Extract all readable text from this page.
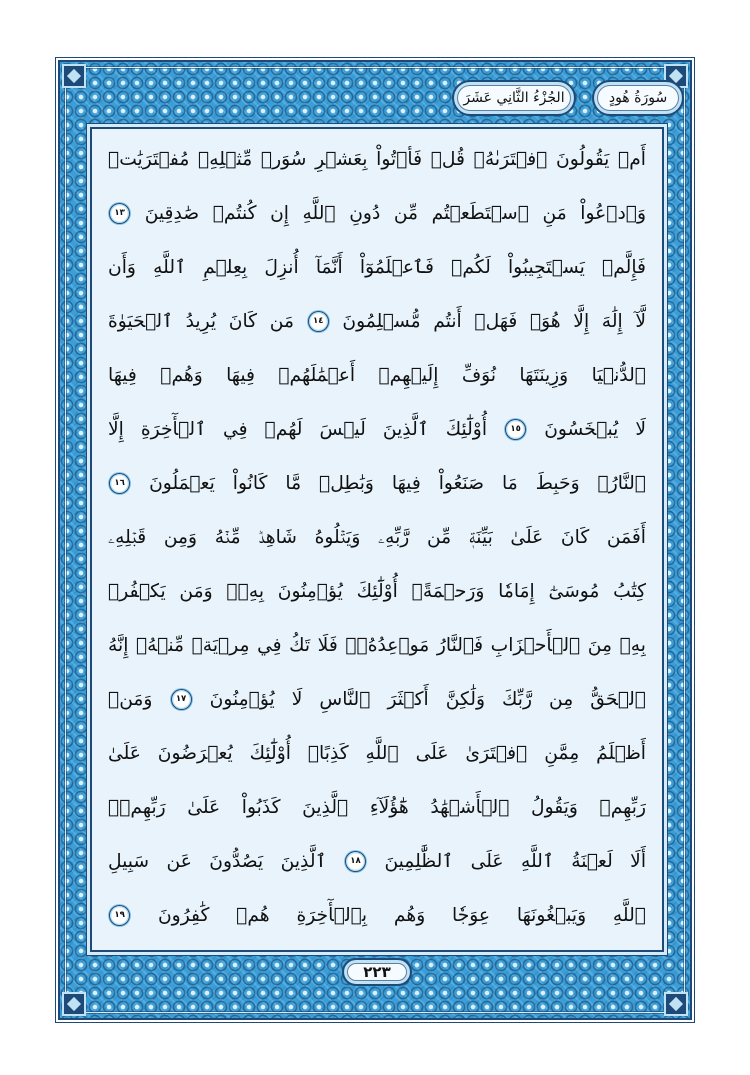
الجُزْءُ الثَّانِي عَشَرَ	سُورَةُ هُودٍ
أَمۡ يَقُولُونَ ٱفۡتَرَىٰهُۖ قُلۡ فَأۡتُواْ بِعَشۡرِ سُوَرٖ مِّثۡلِهِۦ مُفۡتَرَيَٰتٖ
وَٱدۡعُواْ مَنِ ٱسۡتَطَعۡتُم مِّن دُونِ ٱللَّهِ إِن كُنتُمۡ صَٰدِقِينَ
١٣
فَإِلَّمۡ يَسۡتَجِيبُواْ لَكُمۡ فَٱعۡلَمُوٓاْ أَنَّمَآ أُنزِلَ بِعِلۡمِ ٱللَّهِ وَأَن
لَّآ إِلَٰهَ إِلَّا هُوَۖ فَهَلۡ أَنتُم مُّسۡلِمُونَ
١٤
مَن كَانَ يُرِيدُ ٱلۡحَيَوٰةَ
ٱلدُّنۡيَا وَزِينَتَهَا نُوَفِّ إِلَيۡهِمۡ أَعۡمَٰلَهُمۡ فِيهَا وَهُمۡ فِيهَا
لَا يُبۡخَسُونَ
١٥
أُوْلَٰٓئِكَ ٱلَّذِينَ لَيۡسَ لَهُمۡ فِي ٱلۡأٓخِرَةِ إِلَّا
ٱلنَّارُۖ وَحَبِطَ مَا صَنَعُواْ فِيهَا وَبَٰطِلٞ مَّا كَانُواْ يَعۡمَلُونَ
١٦
أَفَمَن كَانَ عَلَىٰ بَيِّنَةٖ مِّن رَّبِّهِۦ وَيَتۡلُوهُ شَاهِدٞ مِّنۡهُ وَمِن قَبۡلِهِۦ
كِتَٰبُ مُوسَىٰٓ إِمَامٗا وَرَحۡمَةًۚ أُوْلَٰٓئِكَ يُؤۡمِنُونَ بِهِۦۚ وَمَن يَكۡفُرۡ
بِهِۦ مِنَ ٱلۡأَحۡزَابِ فَٱلنَّارُ مَوۡعِدُهُۥۚ فَلَا تَكُ فِي مِرۡيَةٖ مِّنۡهُۚ إِنَّهُ
ٱلۡحَقُّ مِن رَّبِّكَ وَلَٰكِنَّ أَكۡثَرَ ٱلنَّاسِ لَا يُؤۡمِنُونَ
١٧
وَمَنۡ
أَظۡلَمُ مِمَّنِ ٱفۡتَرَىٰ عَلَى ٱللَّهِ كَذِبًاۚ أُوْلَٰٓئِكَ يُعۡرَضُونَ عَلَىٰ
رَبِّهِمۡ وَيَقُولُ ٱلۡأَشۡهَٰدُ هَٰٓؤُلَآءِ ٱلَّذِينَ كَذَبُواْ عَلَىٰ رَبِّهِمۡۚ
أَلَا لَعۡنَةُ ٱللَّهِ عَلَى ٱلظَّٰلِمِينَ
١٨
ٱلَّذِينَ يَصُدُّونَ عَن سَبِيلِ
ٱللَّهِ وَيَبۡغُونَهَا عِوَجٗا وَهُم بِٱلۡأٓخِرَةِ هُمۡ كَٰفِرُونَ
١٩
٢٢٣
